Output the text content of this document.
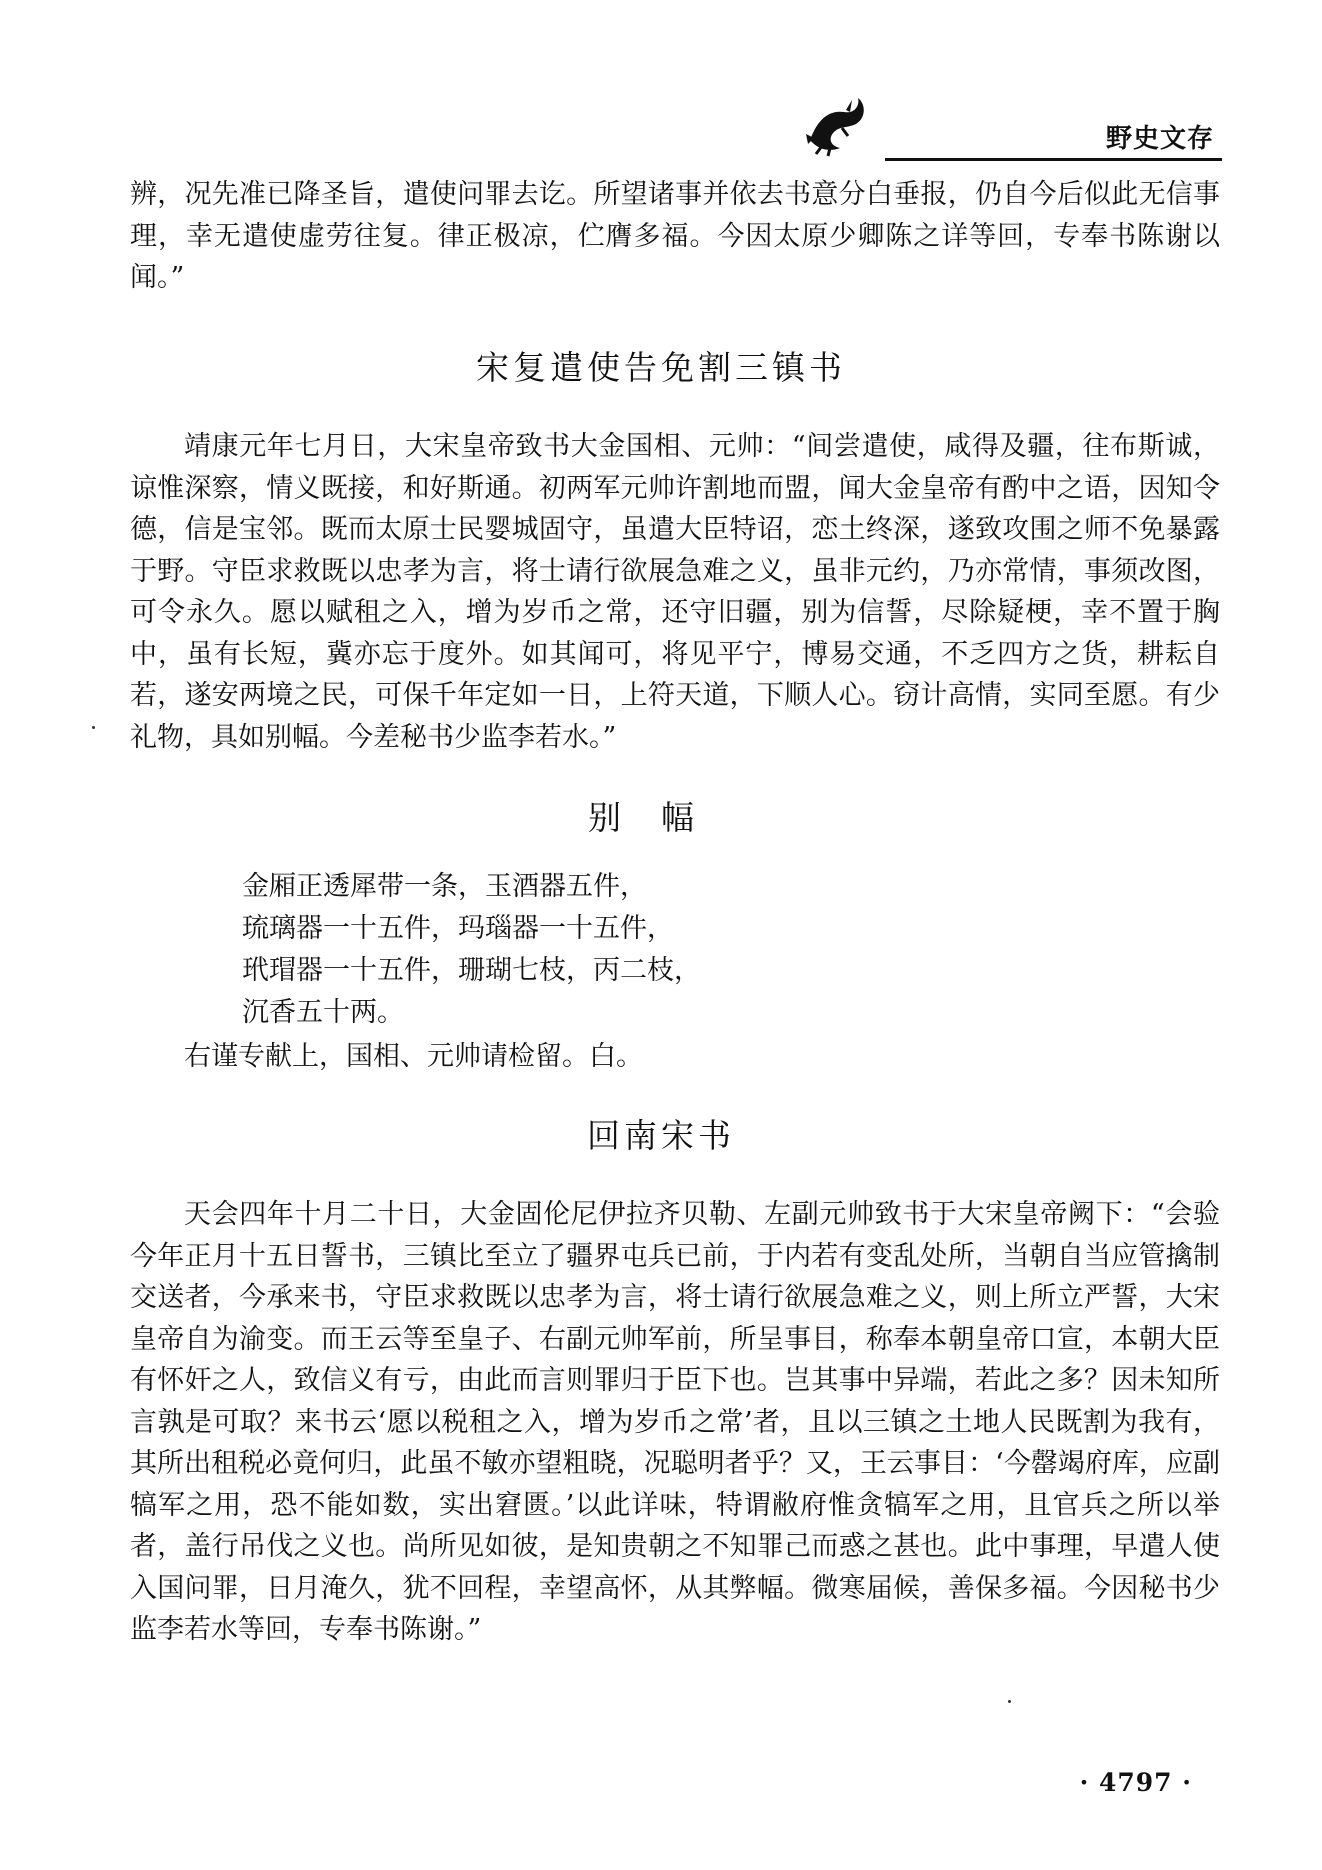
野史文存

辨，况先准已降圣旨，遣使问罪去讫。所望诸事并依去书意分白垂报，仍自今后似此无信事理，幸无遣使虚劳往复。律正极凉，伫膺多福。今因太原少卿陈之详等回，专奉书陈谢以闻。”

宋复遣使告免割三镇书

靖康元年七月日，大宋皇帝致书大金国相、元帅：“间尝遣使，咸得及疆，往布斯诚，谅惟深察，情义既接，和好斯通。初两军元帅许割地而盟，闻大金皇帝有酌中之语，因知令德，信是宝邻。既而太原士民婴城固守，虽遣大臣特诏，恋土终深，遂致攻围之师不免暴露于野。守臣求救既以忠孝为言，将士请行欲展急难之义，虽非元约，乃亦常情，事须改图，可令永久。愿以赋租之入，增为岁币之常，还守旧疆，别为信誓，尽除疑梗，幸不置于胸中，虽有长短，冀亦忘于度外。如其闻可，将见平宁，博易交通，不乏四方之货，耕耘自若，遂安两境之民，可保千年定如一日，上符天道，下顺人心。窃计高情，实同至愿。有少礼物，具如别幅。今差秘书少监李若水。”

别幅
金厢正透犀带一条，玉酒器五件，
琉璃器一十五件，玛瑙器一十五件，
玳瑁器一十五件，珊瑚七枝，丙二枝，
沉香五十两。

右谨专献上，国相、元帅请检留。白。

回南宋书

天会四年十月二十日，大金固伦尼伊拉齐贝勒、左副元帅致书于大宋皇帝阙下：“会验今年正月十五日誓书，三镇比至立了疆界屯兵已前，于内若有变乱处所，当朝自当应管擒制交送者，今承来书，守臣求救既以忠孝为言，将士请行欲展急难之义，则上所立严誓，大宋皇帝自为渝变。而王云等至皇子、右副元帅军前，所呈事目，称奉本朝皇帝口宣，本朝大臣有怀奸之人，致信义有亏，由此而言则罪归于臣下也。岂其事中异端，若此之多？因未知所言孰是可取？来书云‘愿以税租之入，增为岁币之常’者，且以三镇之土地人民既割为我有，其所出租税必竟何归，此虽不敏亦望粗晓，况聪明者乎？又，王云事目：‘今罄竭府库，应副犒军之用，恐不能如数，实出窘匮。’以此详味，特谓敝府惟贪犒军之用，且官兵之所以举者，盖行吊伐之义也。尚所见如彼，是知贵朝之不知罪己而惑之甚也。此中事理，早遣人使入国问罪，日月淹久，犹不回程，幸望高怀，从其弊幅。微寒届候，善保多福。今因秘书少监李若水等回，专奉书陈谢。”

· 4797 ·
